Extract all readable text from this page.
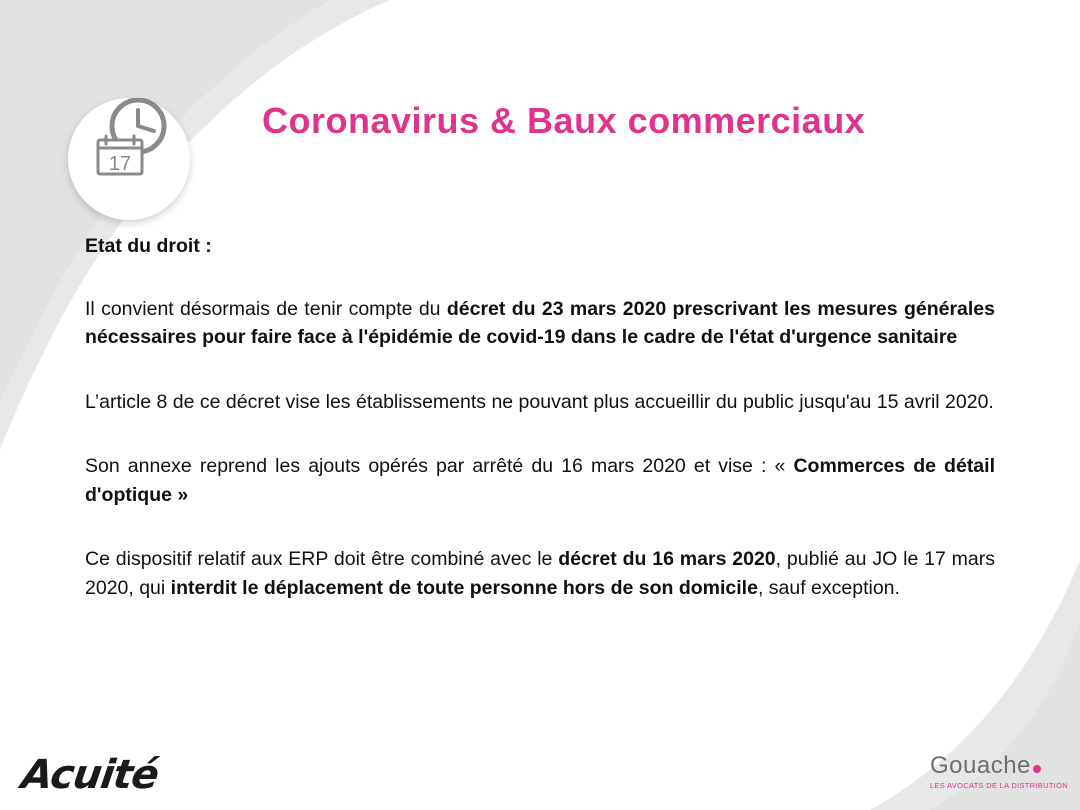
17
Coronavirus & Baux commerciaux

Etat du droit :

Il convient désormais de tenir compte du décret du 23 mars 2020 prescrivant les mesures générales nécessaires pour faire face à l'épidémie de covid-19 dans le cadre de l'état d'urgence sanitaire

L’article 8 de ce décret vise les établissements ne pouvant plus accueillir du public jusqu'au 15 avril 2020.

Son annexe reprend les ajouts opérés par arrêté du 16 mars 2020 et vise : « Commerces de détail d'optique »

Ce dispositif relatif aux ERP doit être combiné avec le décret du 16 mars 2020, publié au JO le 17 mars 2020, qui interdit le déplacement de toute personne hors de son domicile, sauf exception.

Acuité	Gouache
LES AVOCATS DE LA DISTRIBUTION
